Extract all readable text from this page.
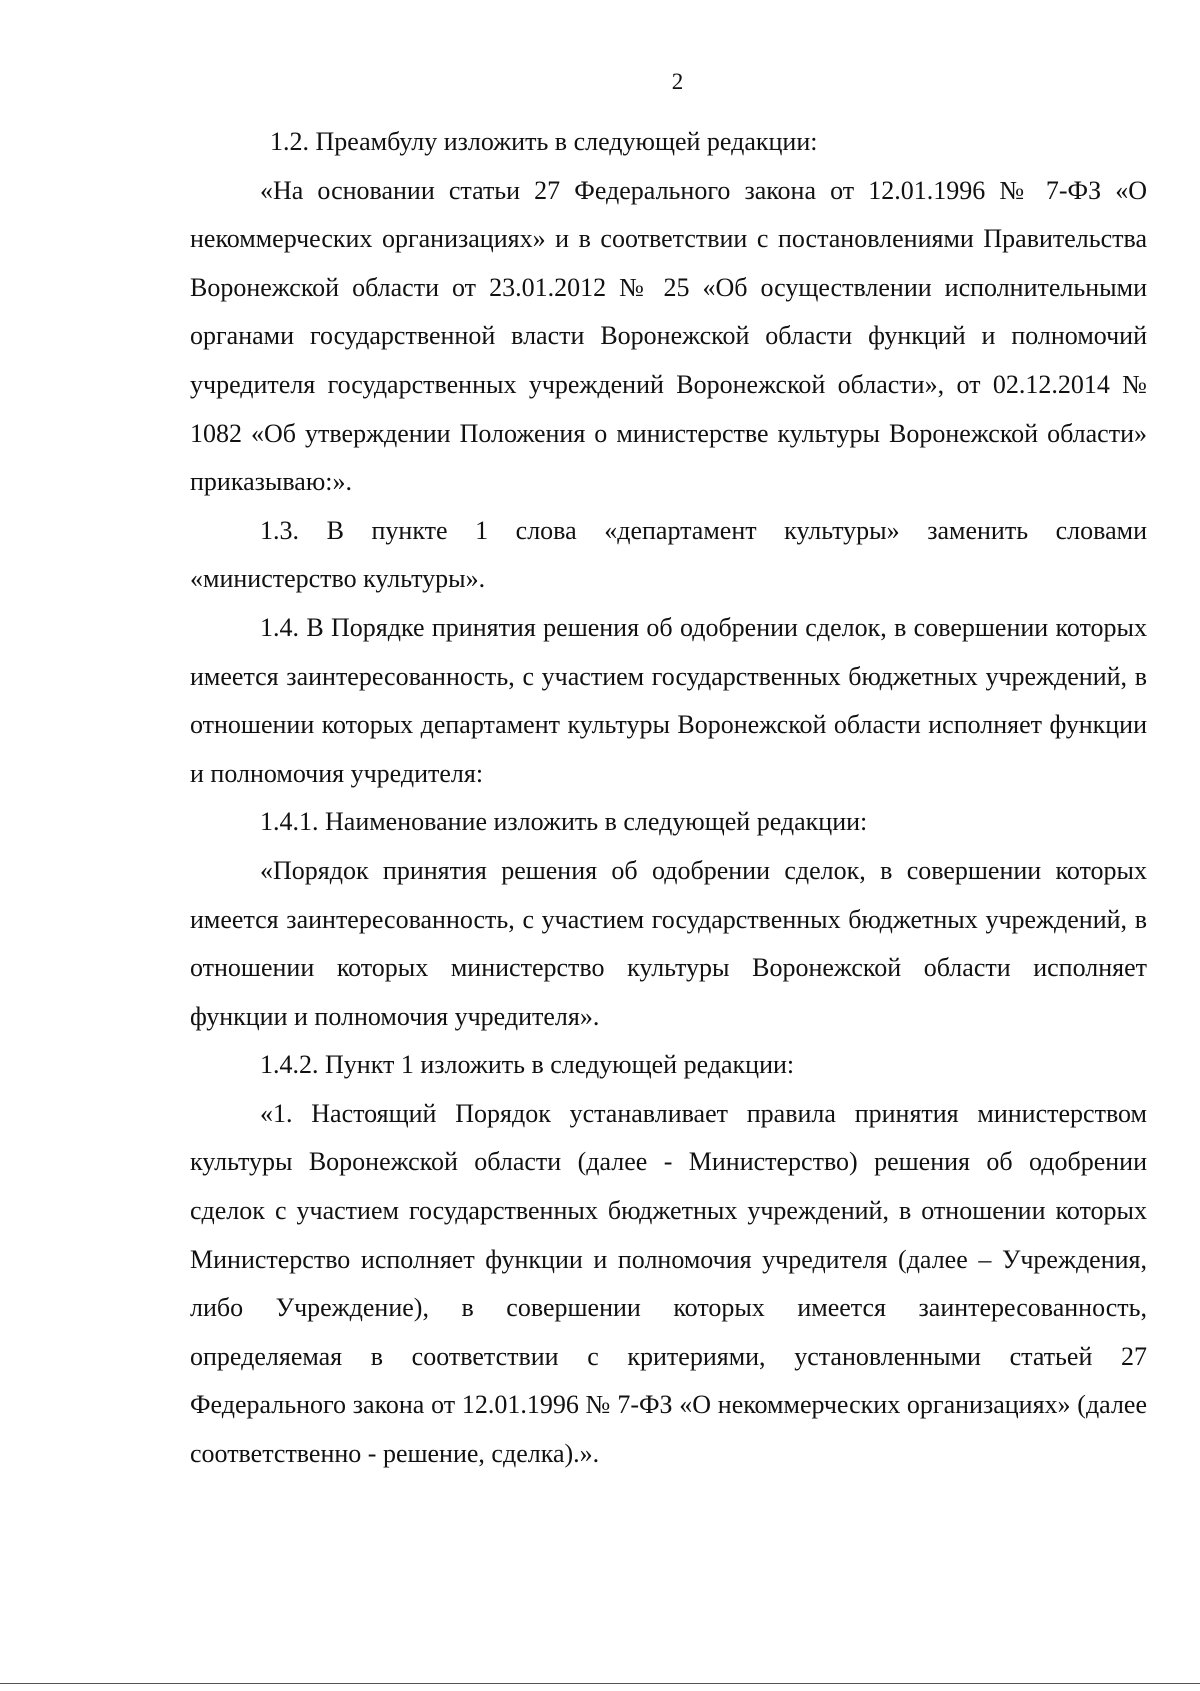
2

1.2. Преамбулу изложить в следующей редакции:

«На основании статьи 27 Федерального закона от 12.01.1996 № 7-ФЗ «О некоммерческих организациях» и в соответствии с постановлениями Правительства Воронежской области от 23.01.2012 № 25 «Об осуществлении исполнительными органами государственной власти Воронежской области функций и полномочий учредителя государственных учреждений Воронежской области», от 02.12.2014 № 1082 «Об утверждении Положения о министерстве культуры Воронежской области» приказываю:».

1.3. В пункте 1 слова «департамент культуры» заменить словами «министерство культуры».

1.4. В Порядке принятия решения об одобрении сделок, в совершении которых имеется заинтересованность, с участием государственных бюджетных учреждений, в отношении которых департамент культуры Воронежской области исполняет функции и полномочия учредителя:

1.4.1. Наименование изложить в следующей редакции:

«Порядок принятия решения об одобрении сделок, в совершении которых имеется заинтересованность, с участием государственных бюджетных учреждений, в отношении которых министерство культуры Воронежской области исполняет функции и полномочия учредителя».

1.4.2. Пункт 1 изложить в следующей редакции:

«1. Настоящий Порядок устанавливает правила принятия министерством культуры Воронежской области (далее - Министерство) решения об одобрении сделок с участием государственных бюджетных учреждений, в отношении которых Министерство исполняет функции и полномочия учредителя (далее – Учреждения, либо Учреждение), в совершении которых имеется заинтересованность, определяемая в соответствии с критериями, установленными статьей 27 Федерального закона от 12.01.1996 № 7-ФЗ «О некоммерческих организациях» (далее соответственно - решение, сделка).».
